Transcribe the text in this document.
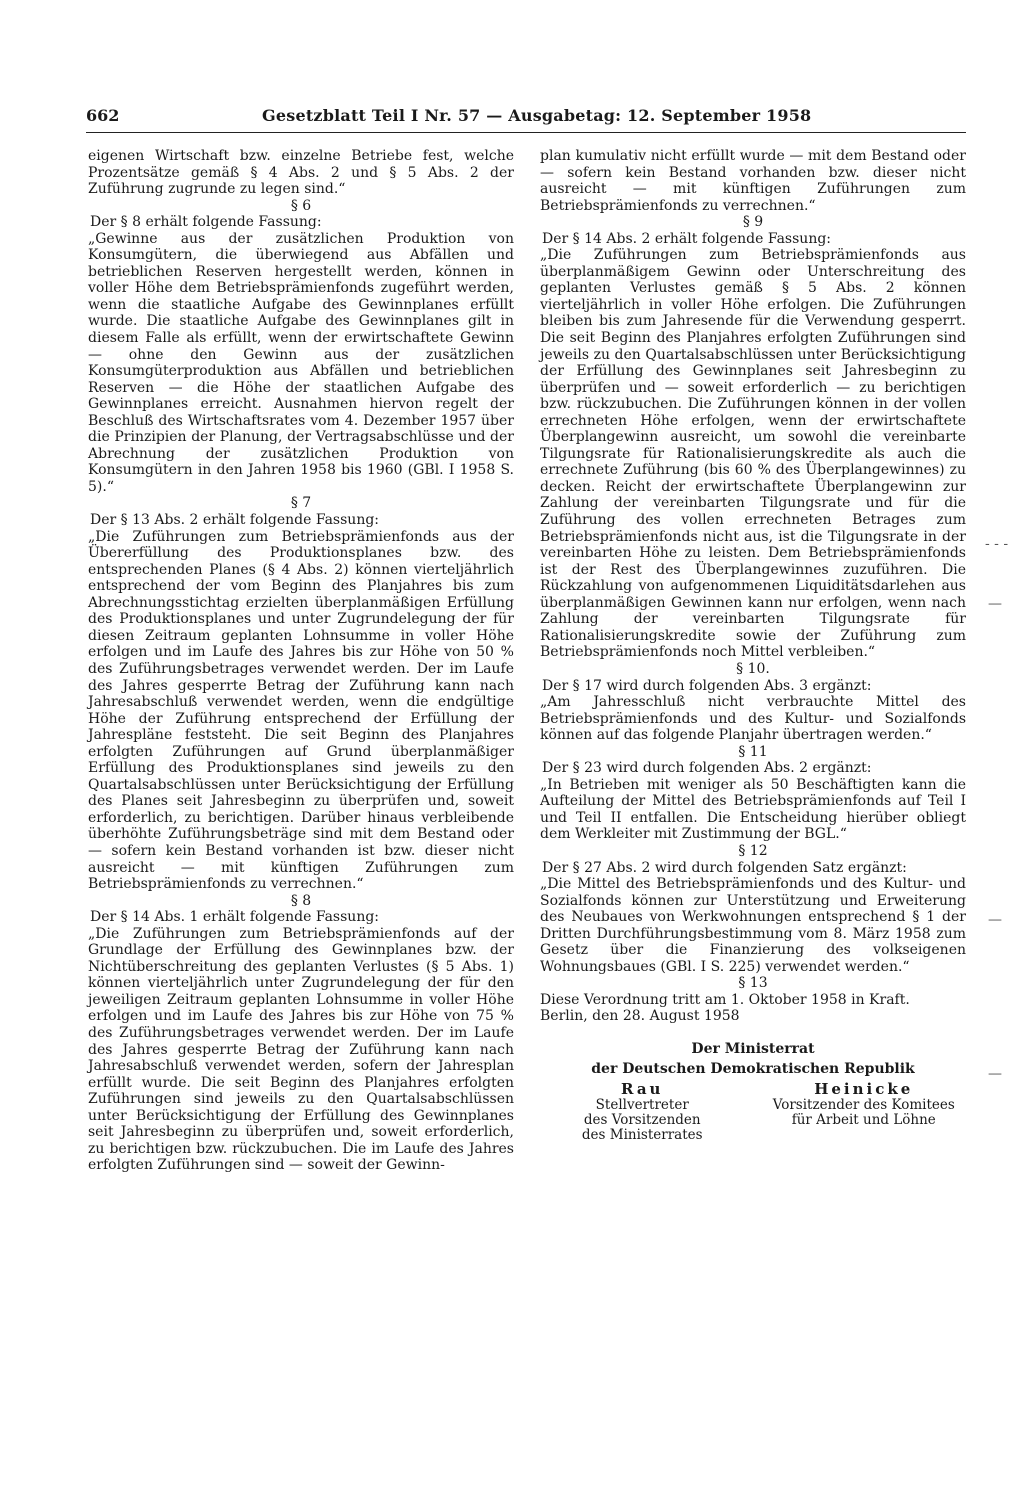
662	Gesetzblatt Teil I Nr. 57 — Ausgabetag: 12. September 1958

eigenen Wirtschaft bzw. einzelne Betriebe fest, welche Prozentsätze gemäß § 4 Abs. 2 und § 5 Abs. 2 der Zuführung zugrunde zu legen sind.“

§ 6

Der § 8 erhält folgende Fassung:

„Gewinne aus der zusätzlichen Produktion von Konsumgütern, die überwiegend aus Abfällen und betrieblichen Reserven hergestellt werden, können in voller Höhe dem Betriebsprämienfonds zugeführt werden, wenn die staatliche Aufgabe des Gewinnplanes erfüllt wurde. Die staatliche Aufgabe des Gewinnplanes gilt in diesem Falle als erfüllt, wenn der erwirtschaftete Gewinn — ohne den Gewinn aus der zusätzlichen Konsumgüterproduktion aus Abfällen und betrieblichen Reserven — die Höhe der staatlichen Aufgabe des Gewinnplanes erreicht. Ausnahmen hiervon regelt der Beschluß des Wirtschaftsrates vom 4. Dezember 1957 über die Prinzipien der Planung, der Vertragsabschlüsse und der Abrechnung der zusätzlichen Produktion von Konsumgütern in den Jahren 1958 bis 1960 (GBl. I 1958 S. 5).“

§ 7

Der § 13 Abs. 2 erhält folgende Fassung:

„Die Zuführungen zum Betriebsprämienfonds aus der Übererfüllung des Produktionsplanes bzw. des entsprechenden Planes (§ 4 Abs. 2) können vierteljährlich entsprechend der vom Beginn des Planjahres bis zum Abrechnungsstichtag erzielten überplanmäßigen Erfüllung des Produktionsplanes und unter Zugrundelegung der für diesen Zeitraum geplanten Lohnsumme in voller Höhe erfolgen und im Laufe des Jahres bis zur Höhe von 50 % des Zuführungsbetrages verwendet werden. Der im Laufe des Jahres gesperrte Betrag der Zuführung kann nach Jahresabschluß verwendet werden, wenn die endgültige Höhe der Zuführung entsprechend der Erfüllung der Jahrespläne feststeht. Die seit Beginn des Planjahres erfolgten Zuführungen auf Grund überplanmäßiger Erfüllung des Produktionsplanes sind jeweils zu den Quartalsabschlüssen unter Berücksichtigung der Erfüllung des Planes seit Jahresbeginn zu überprüfen und, soweit erforderlich, zu berichtigen. Darüber hinaus verbleibende überhöhte Zuführungsbeträge sind mit dem Bestand oder — sofern kein Bestand vorhanden ist bzw. dieser nicht ausreicht — mit künftigen Zuführungen zum Betriebsprämienfonds zu verrechnen.“

§ 8

Der § 14 Abs. 1 erhält folgende Fassung:

„Die Zuführungen zum Betriebsprämienfonds auf der Grundlage der Erfüllung des Gewinnplanes bzw. der Nichtüberschreitung des geplanten Verlustes (§ 5 Abs. 1) können vierteljährlich unter Zugrundelegung der für den jeweiligen Zeitraum geplanten Lohnsumme in voller Höhe erfolgen und im Laufe des Jahres bis zur Höhe von 75 % des Zuführungsbetrages verwendet werden. Der im Laufe des Jahres gesperrte Betrag der Zuführung kann nach Jahresabschluß verwendet werden, sofern der Jahresplan erfüllt wurde. Die seit Beginn des Planjahres erfolgten Zuführungen sind jeweils zu den Quartalsabschlüssen unter Berücksichtigung der Erfüllung des Gewinnplanes seit Jahresbeginn zu überprüfen und, soweit erforderlich, zu berichtigen bzw. rückzubuchen. Die im Laufe des Jahres erfolgten Zuführungen sind — soweit der Gewinn-

plan kumulativ nicht erfüllt wurde — mit dem Bestand oder — sofern kein Bestand vorhanden bzw. dieser nicht ausreicht — mit künftigen Zuführungen zum Betriebsprämienfonds zu verrechnen.“

§ 9

Der § 14 Abs. 2 erhält folgende Fassung:

„Die Zuführungen zum Betriebsprämienfonds aus überplanmäßigem Gewinn oder Unterschreitung des geplanten Verlustes gemäß § 5 Abs. 2 können vierteljährlich in voller Höhe erfolgen. Die Zuführungen bleiben bis zum Jahresende für die Verwendung gesperrt. Die seit Beginn des Planjahres erfolgten Zuführungen sind jeweils zu den Quartalsabschlüssen unter Berücksichtigung der Erfüllung des Gewinnplanes seit Jahresbeginn zu überprüfen und — soweit erforderlich — zu berichtigen bzw. rückzubuchen. Die Zuführungen können in der vollen errechneten Höhe erfolgen, wenn der erwirtschaftete Überplangewinn ausreicht, um sowohl die vereinbarte Tilgungsrate für Rationalisierungskredite als auch die errechnete Zuführung (bis 60 % des Überplangewinnes) zu decken. Reicht der erwirtschaftete Überplangewinn zur Zahlung der vereinbarten Tilgungsrate und für die Zuführung des vollen errechneten Betrages zum Betriebsprämienfonds nicht aus, ist die Tilgungsrate in der vereinbarten Höhe zu leisten. Dem Betriebsprämienfonds ist der Rest des Überplangewinnes zuzuführen. Die Rückzahlung von aufgenommenen Liquiditätsdarlehen aus überplanmäßigen Gewinnen kann nur erfolgen, wenn nach Zahlung der vereinbarten Tilgungsrate für Rationalisierungskredite sowie der Zuführung zum Betriebsprämienfonds noch Mittel verbleiben.“

§ 10.

Der § 17 wird durch folgenden Abs. 3 ergänzt:

„Am Jahresschluß nicht verbrauchte Mittel des Betriebsprämienfonds und des Kultur- und Sozialfonds können auf das folgende Planjahr übertragen werden.“

§ 11

Der § 23 wird durch folgenden Abs. 2 ergänzt:

„In Betrieben mit weniger als 50 Beschäftigten kann die Aufteilung der Mittel des Betriebsprämienfonds auf Teil I und Teil II entfallen. Die Entscheidung hierüber obliegt dem Werkleiter mit Zustimmung der BGL.“

§ 12

Der § 27 Abs. 2 wird durch folgenden Satz ergänzt:

„Die Mittel des Betriebsprämienfonds und des Kultur- und Sozialfonds können zur Unterstützung und Erweiterung des Neubaues von Werkwohnungen entsprechend § 1 der Dritten Durchführungsbestimmung vom 8. März 1958 zum Gesetz über die Finanzierung des volkseigenen Wohnungsbaues (GBl. I S. 225) verwendet werden.“

§ 13

Diese Verordnung tritt am 1. Oktober 1958 in Kraft.

Berlin, den 28. August 1958

Der Ministerrat
der Deutschen Demokratischen Republik
Rau
Stellvertreter
des Vorsitzenden
des Ministerrates
Heinicke
Vorsitzender des Komitees
für Arbeit und Löhne
- - -
—
—
—
